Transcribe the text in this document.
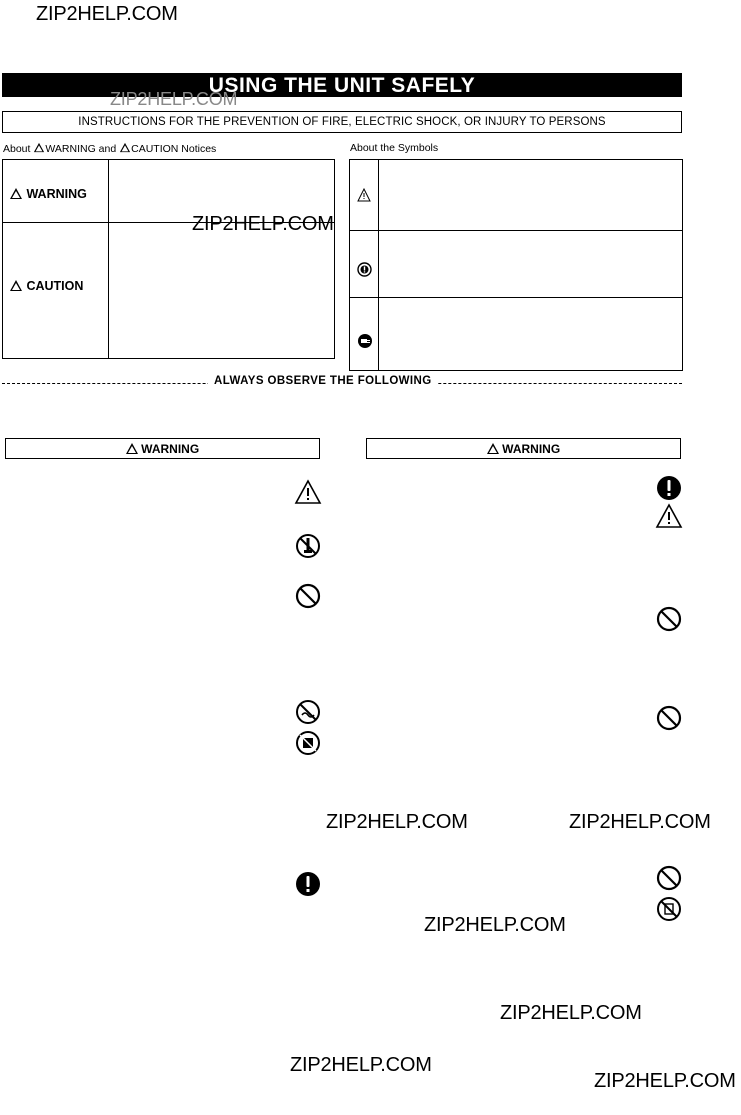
ZIP2HELP.COM
USING THE UNIT SAFELY
ZIP2HELP.COM
INSTRUCTIONS FOR THE PREVENTION OF FIRE, ELECTRIC SHOCK, OR INJURY TO PERSONS
About WARNING and CAUTION Notices
WARNING
CAUTION
ZIP2HELP.COM
About the Symbols
ALWAYS OBSERVE THE FOLLOWING
WARNING	WARNING
ZIP2HELP.COM	ZIP2HELP.COM
ZIP2HELP.COM
ZIP2HELP.COM
ZIP2HELP.COM
ZIP2HELP.COM
